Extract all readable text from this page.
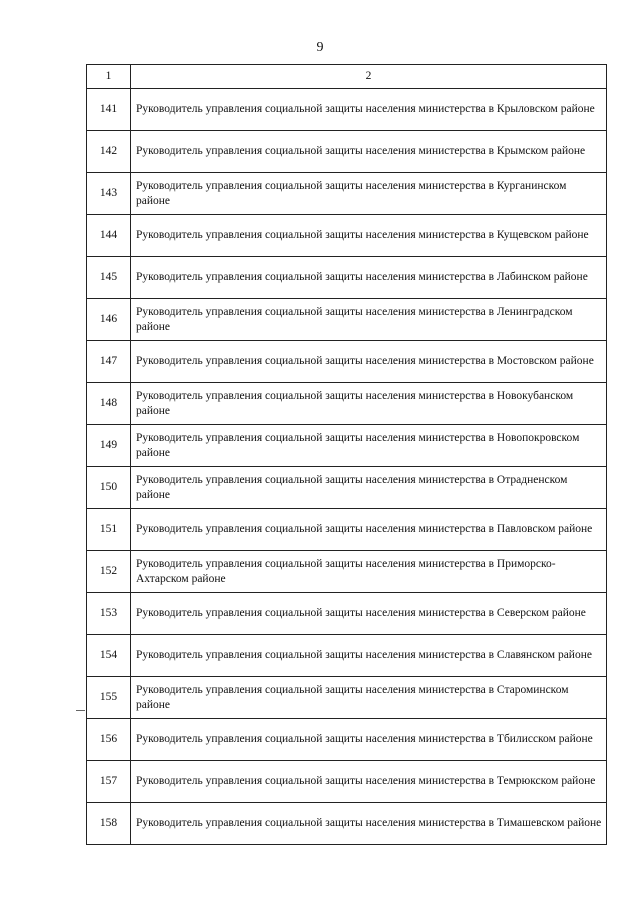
9
1	2
141	Руководитель управления социальной защиты населения министерства в Крыловском районе
142	Руководитель управления социальной защиты населения министерства в Крымском районе
143	Руководитель управления социальной защиты населения министерства в Курганинском районе
144	Руководитель управления социальной защиты населения министерства в Кущевском районе
145	Руководитель управления социальной защиты населения министерства в Лабинском районе
146	Руководитель управления социальной защиты населения министерства в Ленинградском районе
147	Руководитель управления социальной защиты населения министерства в Мостовском районе
148	Руководитель управления социальной защиты населения министерства в Новокубанском районе
149	Руководитель управления социальной защиты населения министерства в Новопокровском районе
150	Руководитель управления социальной защиты населения министерства в Отрадненском районе
151	Руководитель управления социальной защиты населения министерства в Павловском районе
152	Руководитель управления социальной защиты населения министерства в Приморско-Ахтарском районе
153	Руководитель управления социальной защиты населения министерства в Северском районе
154	Руководитель управления социальной защиты населения министерства в Славянском районе
155	Руководитель управления социальной защиты населения министерства в Староминском районе
156	Руководитель управления социальной защиты населения министерства в Тбилисском районе
157	Руководитель управления социальной защиты населения министерства в Темрюкском районе
158	Руководитель управления социальной защиты населения министерства в Тимашевском районе
